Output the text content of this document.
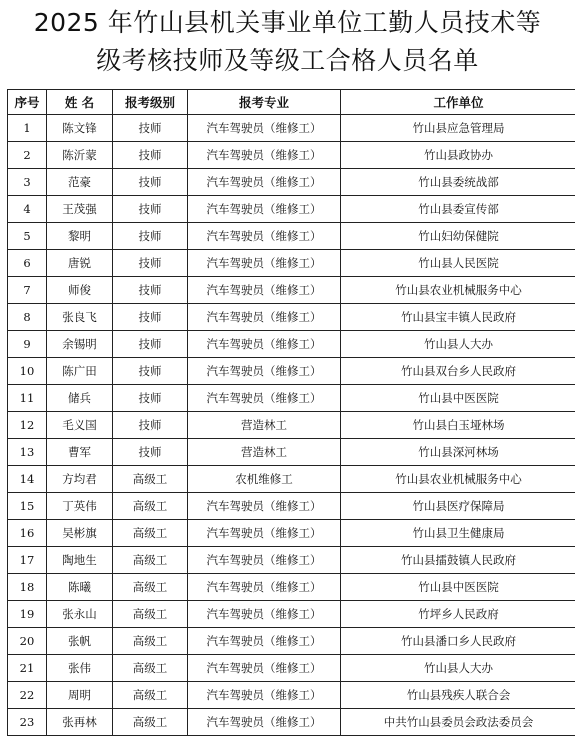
2025 年竹山县机关事业单位工勤人员技术等
级考核技师及等级工合格人员名单
序号	姓 名	报考级别	报考专业	工作单位
1	陈文锋	技师	汽车驾驶员（维修工）	竹山县应急管理局
2	陈沂蒙	技师	汽车驾驶员（维修工）	竹山县政协办
3	范豪	技师	汽车驾驶员（维修工）	竹山县委统战部
4	王茂强	技师	汽车驾驶员（维修工）	竹山县委宣传部
5	黎明	技师	汽车驾驶员（维修工）	竹山妇幼保健院
6	唐锐	技师	汽车驾驶员（维修工）	竹山县人民医院
7	师俊	技师	汽车驾驶员（维修工）	竹山县农业机械服务中心
8	张良飞	技师	汽车驾驶员（维修工）	竹山县宝丰镇人民政府
9	余锡明	技师	汽车驾驶员（维修工）	竹山县人大办
10	陈广田	技师	汽车驾驶员（维修工）	竹山县双台乡人民政府
11	储兵	技师	汽车驾驶员（维修工）	竹山县中医医院
12	毛义国	技师	营造林工	竹山县白玉垭林场
13	曹军	技师	营造林工	竹山县深河林场
14	方均君	高级工	农机维修工	竹山县农业机械服务中心
15	丁英伟	高级工	汽车驾驶员（维修工）	竹山县医疗保障局
16	吴彬旗	高级工	汽车驾驶员（维修工）	竹山县卫生健康局
17	陶地生	高级工	汽车驾驶员（维修工）	竹山县擂鼓镇人民政府
18	陈曦	高级工	汽车驾驶员（维修工）	竹山县中医医院
19	张永山	高级工	汽车驾驶员（维修工）	竹坪乡人民政府
20	张帆	高级工	汽车驾驶员（维修工）	竹山县潘口乡人民政府
21	张伟	高级工	汽车驾驶员（维修工）	竹山县人大办
22	周明	高级工	汽车驾驶员（维修工）	竹山县残疾人联合会
23	张再林	高级工	汽车驾驶员（维修工）	中共竹山县委员会政法委员会
